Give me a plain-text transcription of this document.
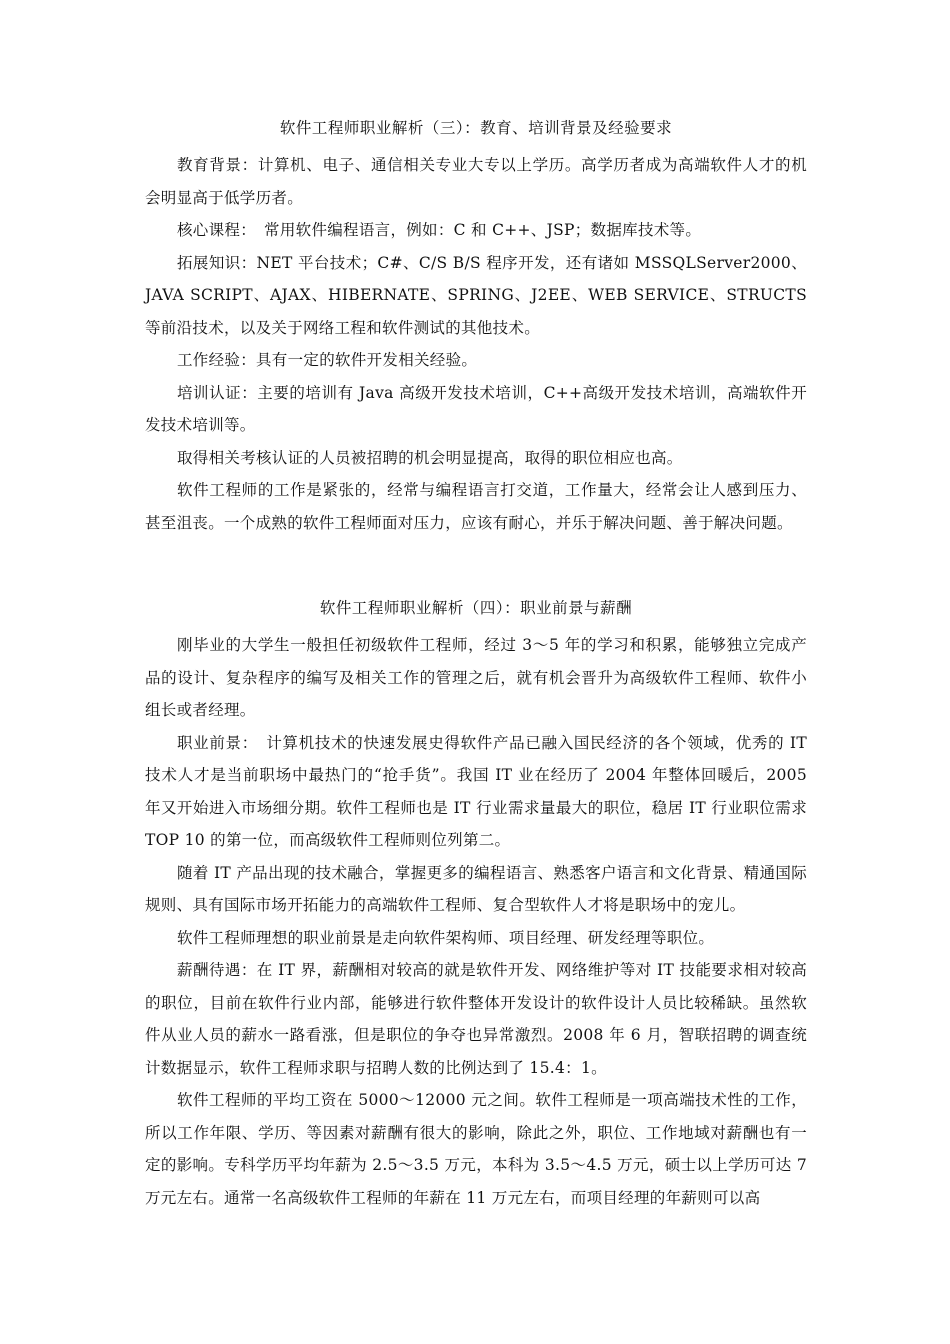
软件工程师职业解析（三）：教育、培训背景及经验要求

教育背景：计算机、电子、通信相关专业大专以上学历。高学历者成为高端软件人才的机会明显高于低学历者。

核心课程：　常用软件编程语言，例如：C 和 C++、JSP；数据库技术等。

拓展知识：NET 平台技术；C#、C/S B/S 程序开发，还有诸如 MSSQLServer2000、JAVA SCRIPT、AJAX、HIBERNATE、SPRING、J2EE、WEB SERVICE、STRUCTS 等前沿技术，以及关于网络工程和软件测试的其他技术。

工作经验：具有一定的软件开发相关经验。

培训认证：主要的培训有 Java 高级开发技术培训，C++高级开发技术培训，高端软件开发技术培训等。

取得相关考核认证的人员被招聘的机会明显提高，取得的职位相应也高。

软件工程师的工作是紧张的，经常与编程语言打交道，工作量大，经常会让人感到压力、甚至沮丧。一个成熟的软件工程师面对压力，应该有耐心，并乐于解决问题、善于解决问题。

软件工程师职业解析（四）：职业前景与薪酬

刚毕业的大学生一般担任初级软件工程师，经过 3～5 年的学习和积累，能够独立完成产品的设计、复杂程序的编写及相关工作的管理之后，就有机会晋升为高级软件工程师、软件小组长或者经理。

职业前景：　计算机技术的快速发展史得软件产品已融入国民经济的各个领域，优秀的 IT 技术人才是当前职场中最热门的“抢手货”。我国 IT 业在经历了 2004 年整体回暖后，2005 年又开始进入市场细分期。软件工程师也是 IT 行业需求量最大的职位，稳居 IT 行业职位需求 TOP 10 的第一位，而高级软件工程师则位列第二。

随着 IT 产品出现的技术融合，掌握更多的编程语言、熟悉客户语言和文化背景、精通国际规则、具有国际市场开拓能力的高端软件工程师、复合型软件人才将是职场中的宠儿。

软件工程师理想的职业前景是走向软件架构师、项目经理、研发经理等职位。

薪酬待遇：在 IT 界，薪酬相对较高的就是软件开发、网络维护等对 IT 技能要求相对较高的职位，目前在软件行业内部，能够进行软件整体开发设计的软件设计人员比较稀缺。虽然软件从业人员的薪水一路看涨，但是职位的争夺也异常激烈。2008 年 6 月，智联招聘的调查统计数据显示，软件工程师求职与招聘人数的比例达到了 15.4：1。

软件工程师的平均工资在 5000～12000 元之间。软件工程师是一项高端技术性的工作，所以工作年限、学历、等因素对薪酬有很大的影响，除此之外，职位、工作地域对薪酬也有一定的影响。专科学历平均年薪为 2.5～3.5 万元，本科为 3.5～4.5 万元，硕士以上学历可达 7 万元左右。通常一名高级软件工程师的年薪在 11 万元左右，而项目经理的年薪则可以高
